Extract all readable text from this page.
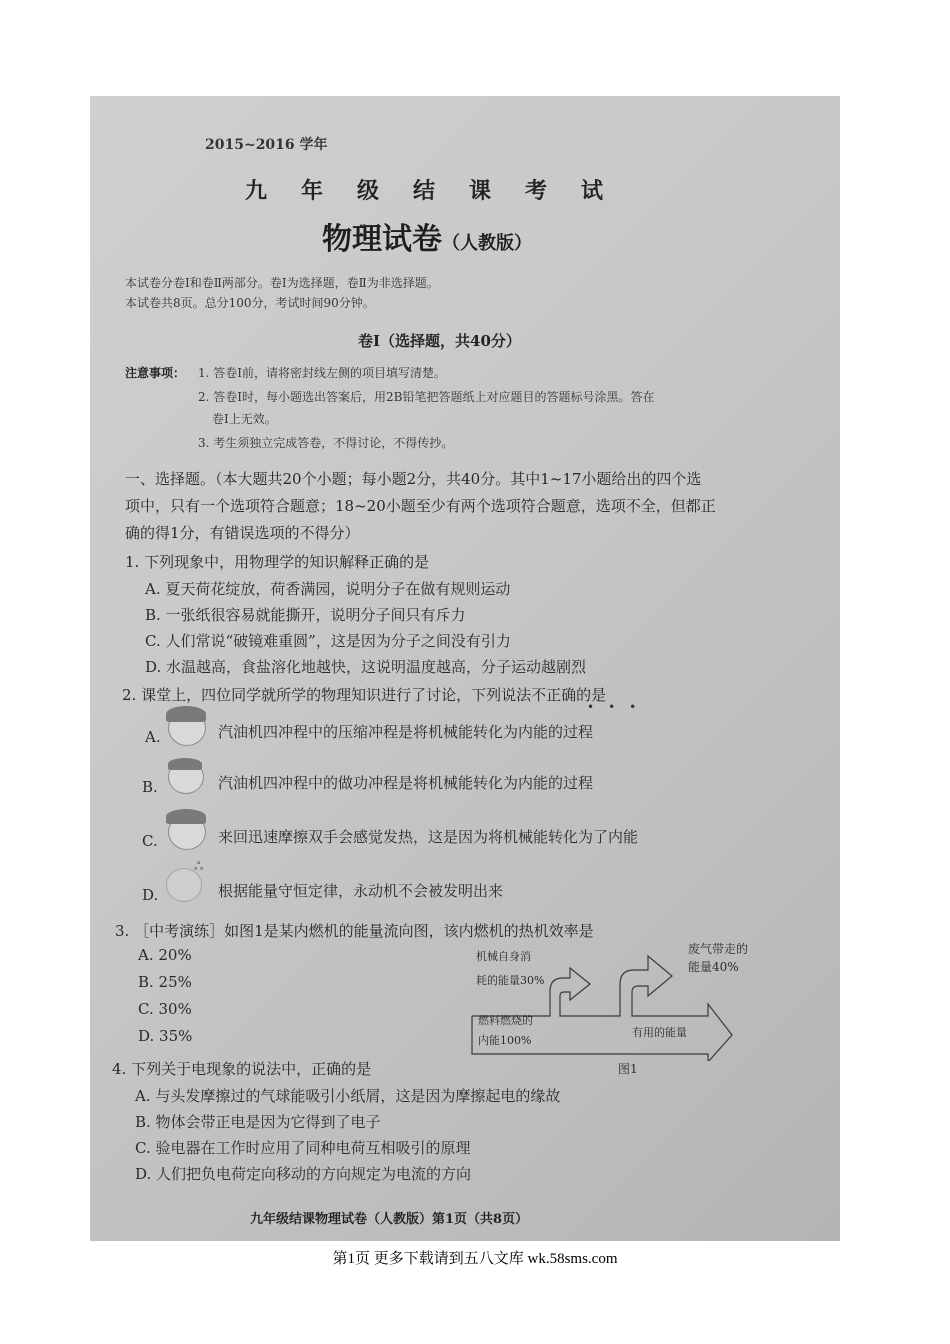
2015~2016 学年
九年级结课考试
物理试卷（人教版）
本试卷分卷Ⅰ和卷Ⅱ两部分。卷Ⅰ为选择题，卷Ⅱ为非选择题。
本试卷共8页。总分100分，考试时间90分钟。
卷Ⅰ（选择题，共40分）
注意事项： 1. 答卷Ⅰ前，请将密封线左侧的项目填写清楚。
2. 答卷Ⅰ时，每小题选出答案后，用2B铅笔把答题纸上对应题目的答题标号涂黑。答在
卷Ⅰ上无效。
3. 考生须独立完成答卷，不得讨论，不得传抄。
一、选择题。（本大题共20个小题；每小题2分，共40分。其中1~17小题给出的四个选
项中，只有一个选项符合题意；18~20小题至少有两个选项符合题意，选项不全，但都正
确的得1分，有错误选项的不得分）
1. 下列现象中，用物理学的知识解释正确的是
A. 夏天荷花绽放，荷香满园，说明分子在做有规则运动
B. 一张纸很容易就能撕开，说明分子间只有斥力
C. 人们常说“破镜难重圆”，这是因为分子之间没有引力
D. 水温越高，食盐溶化地越快，这说明温度越高，分子运动越剧烈
2. 课堂上，四位同学就所学的物理知识进行了讨论，下列说法不正确的是
•••
A.	汽油机四冲程中的压缩冲程是将机械能转化为内能的过程
B.	汽油机四冲程中的做功冲程是将机械能转化为内能的过程
C.	来回迅速摩擦双手会感觉发热，这是因为将机械能转化为了内能
D.
ஃ
根据能量守恒定律，永动机不会被发明出来
3. ［中考演练］如图1是某内燃机的能量流向图，该内燃机的热机效率是
A. 20%
B. 25%
C. 30%
D. 35%
机械自身消
耗的能量30%
燃料燃烧的
内能100%
有用的能量
废气带走的
能量40%
图1
4. 下列关于电现象的说法中，正确的是
A. 与头发摩擦过的气球能吸引小纸屑，这是因为摩擦起电的缘故
B. 物体会带正电是因为它得到了电子
C. 验电器在工作时应用了同种电荷互相吸引的原理
D. 人们把负电荷定向移动的方向规定为电流的方向
九年级结课物理试卷（人教版）第1页（共8页）
第1页 更多下载请到五八文库 wk.58sms.com
